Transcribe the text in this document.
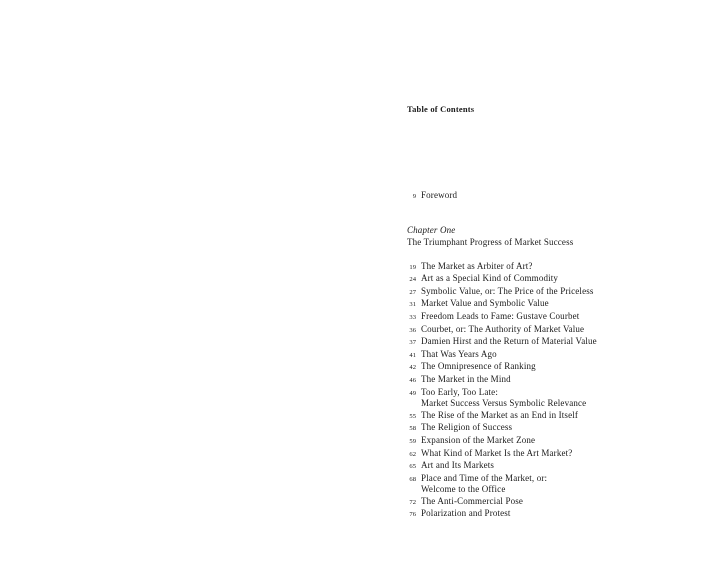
Table of Contents
9 Foreword
Chapter One
The Triumphant Progress of Market Success
19 The Market as Arbiter of Art?
24 Art as a Special Kind of Commodity
27 Symbolic Value, or: The Price of the Priceless
31 Market Value and Symbolic Value
33 Freedom Leads to Fame: Gustave Courbet
36 Courbet, or: The Authority of Market Value
37 Damien Hirst and the Return of Material Value
41 That Was Years Ago
42 The Omnipresence of Ranking
46 The Market in the Mind
49 Too Early, Too Late:
Market Success Versus Symbolic Relevance
55 The Rise of the Market as an End in Itself
58 The Religion of Success
59 Expansion of the Market Zone
62 What Kind of Market Is the Art Market?
65 Art and Its Markets
68 Place and Time of the Market, or:
Welcome to the Office
72 The Anti-Commercial Pose
76 Polarization and Protest
